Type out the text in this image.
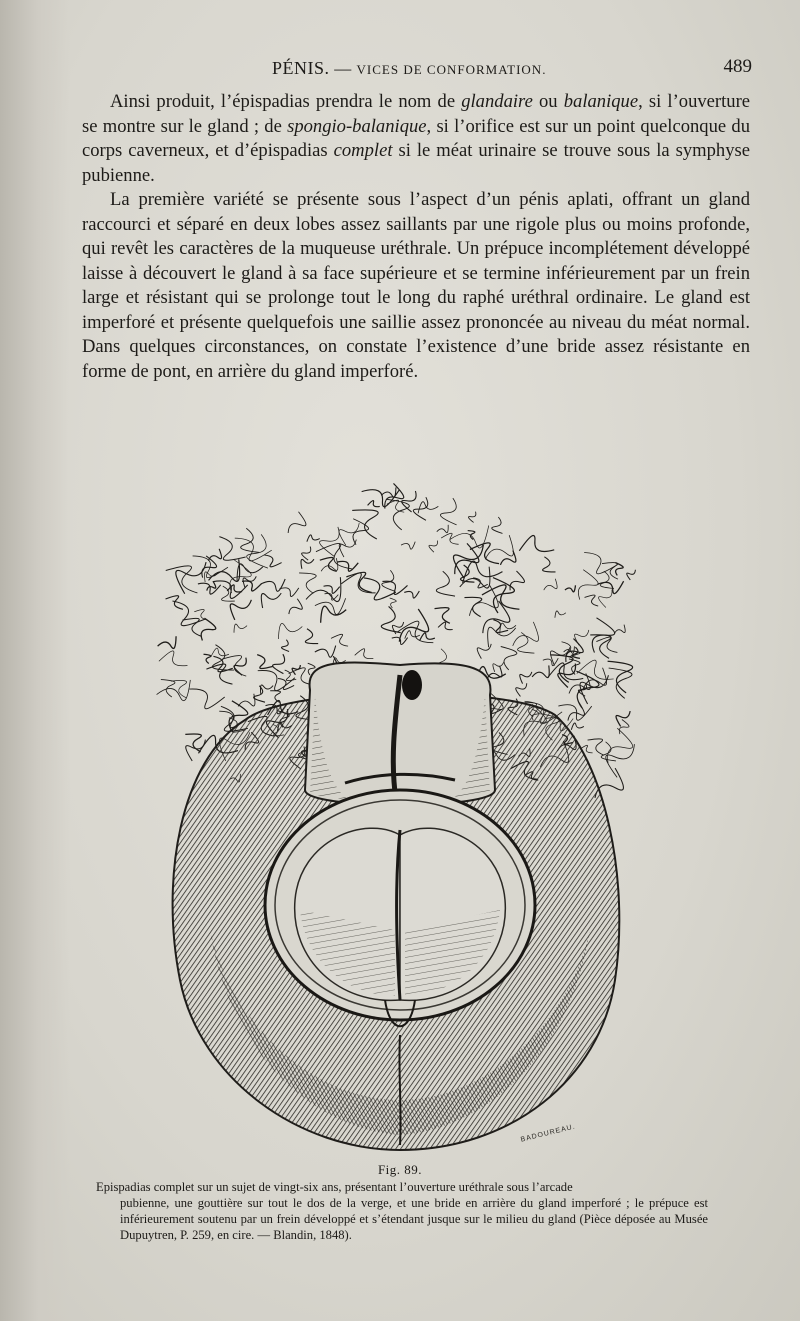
PÉNIS. — VICES DE CONFORMATION.	489

Ainsi produit, l’épispadias prendra le nom de glandaire ou balanique, si l’ouverture se montre sur le gland ; de spongio-balanique, si l’orifice est sur un point quelconque du corps caverneux, et d’épispadias complet si le méat urinaire se trouve sous la symphyse pubienne.

La première variété se présente sous l’aspect d’un pénis aplati, offrant un gland raccourci et séparé en deux lobes assez saillants par une rigole plus ou moins profonde, qui revêt les caractères de la muqueuse uréthrale. Un prépuce incomplétement développé laisse à découvert le gland à sa face supérieure et se termine inférieurement par un frein large et résistant qui se prolonge tout le long du raphé uréthral ordinaire. Le gland est imperforé et présente quelquefois une saillie assez prononcée au niveau du méat normal. Dans quelques circonstances, on constate l’existence d’une bride assez résistante en forme de pont, en arrière du gland imperforé.

BADOUREAU.
Fig. 89.
Epispadias complet sur un sujet de vingt-six ans, présentant l’ouverture uréthrale sous l’arcade
pubienne, une gouttière sur tout le dos de la verge, et une bride en arrière du gland imperforé ; le prépuce est inférieurement soutenu par un frein développé et s’étendant jusque sur le milieu du gland (Pièce déposée au Musée Dupuytren, P. 259, en cire. — Blandin, 1848).
